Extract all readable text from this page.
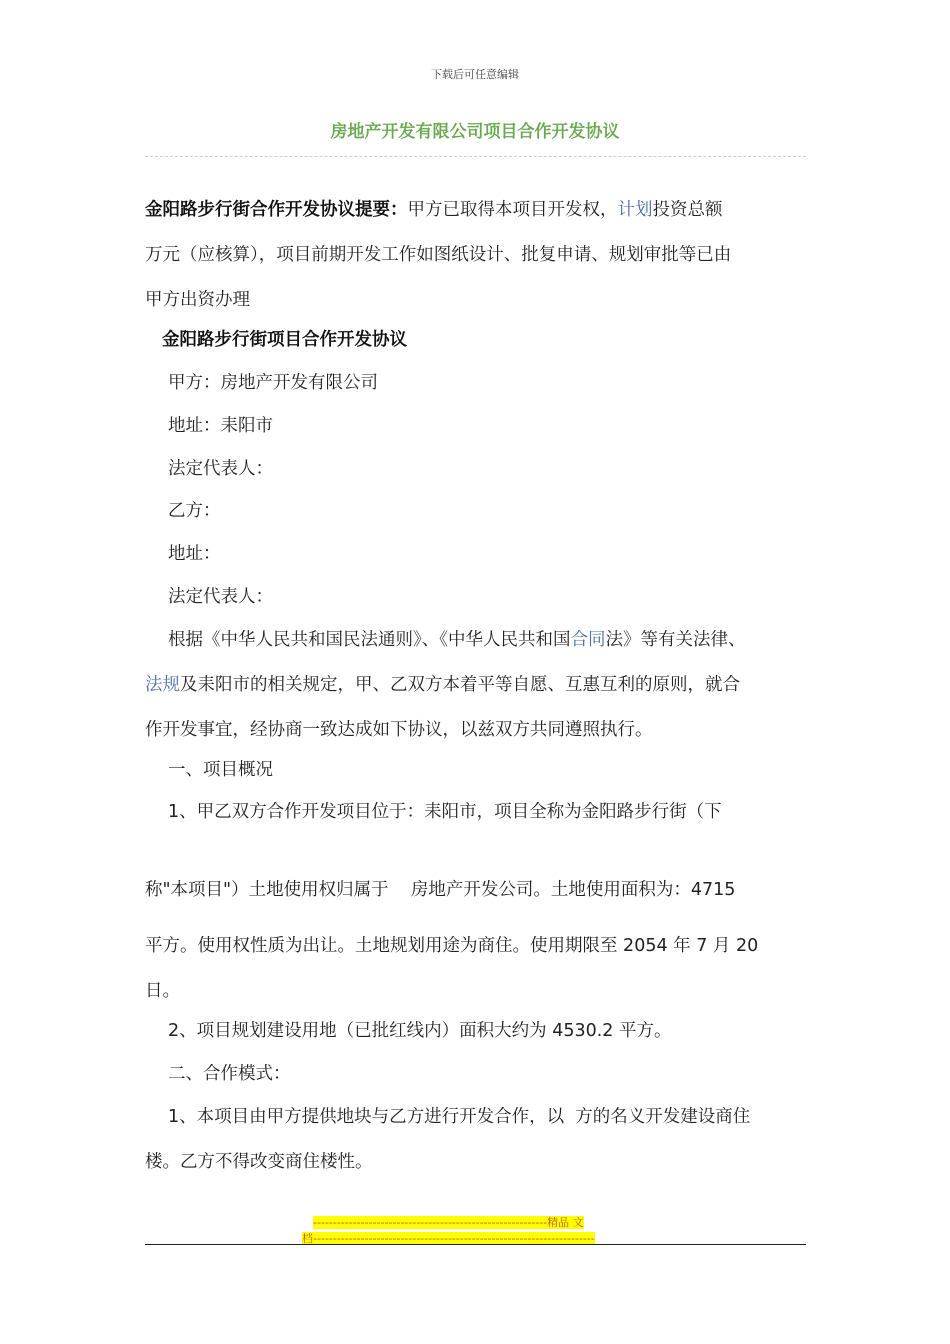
下载后可任意编辑
房地产开发有限公司项目合作开发协议
金阳路步行街合作开发协议提要：甲方已取得本项目开发权，计划投资总额
万元（应核算），项目前期开发工作如图纸设计、批复申请、规划审批等已由
甲方出资办理
金阳路步行街项目合作开发协议
甲方：房地产开发有限公司
地址：耒阳市
法定代表人：
乙方：
地址：
法定代表人：
根据《中华人民共和国民法通则》、《中华人民共和国合同法》等有关法律、
法规及耒阳市的相关规定，甲、乙双方本着平等自愿、互惠互利的原则，就合
作开发事宜，经协商一致达成如下协议，以兹双方共同遵照执行。
一、项目概况
1、甲乙双方合作开发项目位于：耒阳市，项目全称为金阳路步行街（下
称"本项目"）土地使用权归属于    房地产开发公司。土地使用面积为：4715
平方。使用权性质为出让。土地规划用途为商住。使用期限至 2054 年 7 月 20
日。
2、项目规划建设用地（已批红线内）面积大约为 4530.2 平方。
二、合作模式：
1、本项目由甲方提供地块与乙方进行开发合作，以  方的名义开发建设商住
楼。乙方不得改变商住楼性。
-----------------------------------------------------------精品 文
档-----------------------------------------------------------------------
